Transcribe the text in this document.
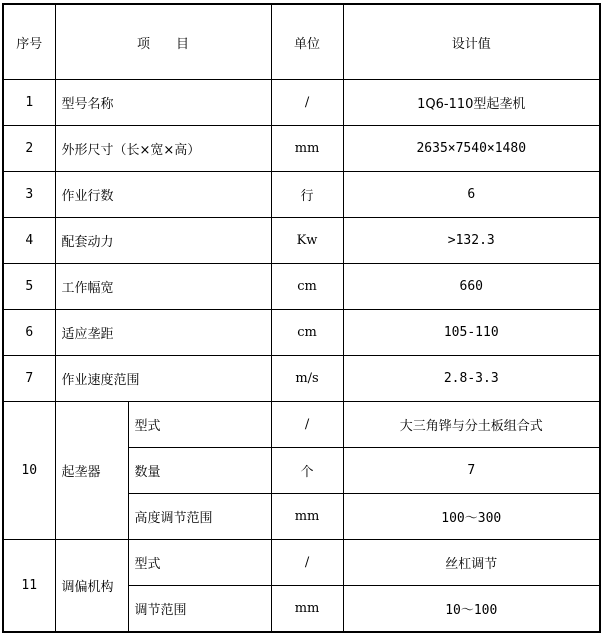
序号	项　　目		单位	设计值
1	型号名称		/	1Q6-110型起垄机
2	外形尺寸（长×宽×高）		mm	2635×7540×1480
3	作业行数		行	6
4	配套动力		Kw	>132.3
5	工作幅宽		cm	660
6	适应垄距		cm	105-110
7	作业速度范围		m/s	2.8-3.3
10	起垄器	型式	/	大三角铧与分土板组合式
		数量	个	7
		高度调节范围	mm	100～300
11	调偏机构	型式	/	丝杠调节
		调节范围	mm	10～100
